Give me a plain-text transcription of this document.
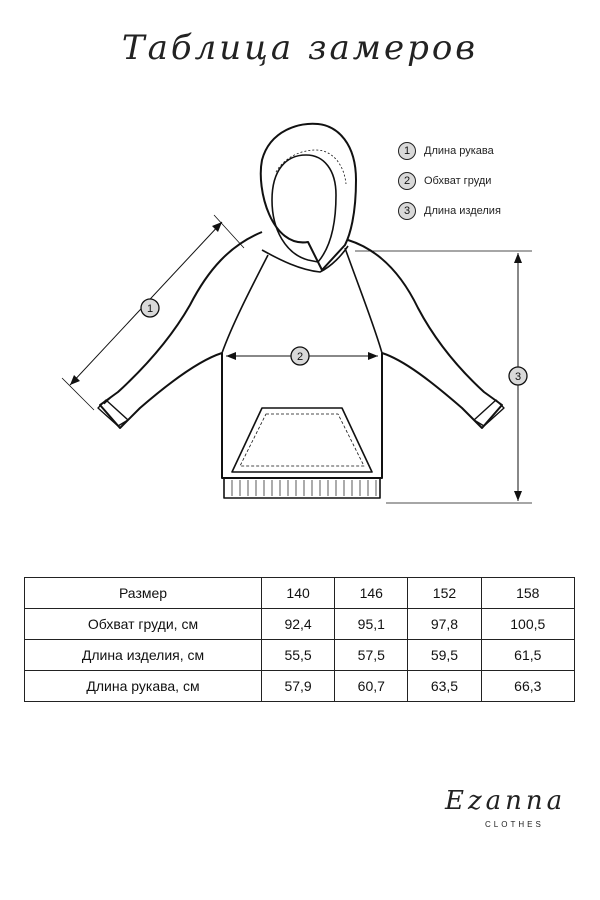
Таблица замеров
1
2
3
1	Длина рукава
2	Обхват груди
3	Длина изделия
Размер	140	146	152	158
Обхват груди, см	92,4	95,1	97,8	100,5
Длина изделия, см	55,5	57,5	59,5	61,5
Длина рукава, см	57,9	60,7	63,5	66,3
Ezanna
CLOTHES
